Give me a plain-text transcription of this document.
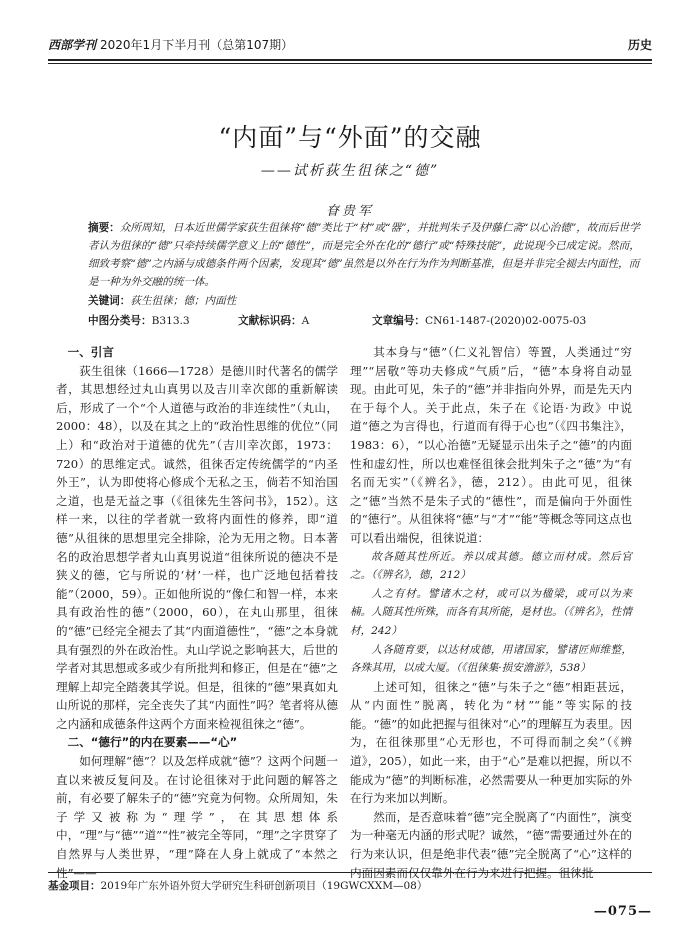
西部学刊 2020年1月下半月刊（总第107期）	历史
“内面”与“外面”的交融
——试析荻生徂徕之“德”
眘贵军
摘要：众所周知，日本近世儒学家荻生徂徕将“德”类比于“材”或“器”，并批判朱子及伊藤仁斋“以心治德”，故而后世学者认为徂徕的“德”只牵持续儒学意义上的“德性”，而是完全外在化的“德行”或“特殊技能”，此说现今已成定说。然而，细致考察“德”之内涵与成德条件两个因素，发现其“德”虽然是以外在行为作为判断基准，但是并非完全褪去内面性，而是一种为外交融的统一体。
关键词：荻生徂徕；德；内面性
中图分类号：B313.3	文献标识码：A	文章编号：CN61-1487-(2020)02-0075-03
一、引言

荻生徂徕（1666—1728）是德川时代著名的儒学者，其思想经过丸山真男以及吉川幸次郎的重新解读后，形成了一个“个人道德与政治的非连续性”（丸山，2000：48），以及在其之上的“政治性思维的优位”（同上）和“政治对于道德的优先”（吉川幸次郎，1973：720）的思维定式。诚然，徂徕否定传统儒学的“内圣外王”，认为即使将心修成个无私之玉，倘若不知治国之道，也是无益之事（《徂徕先生答问书》，152）。这样一来，以往的学者就一致将内面性的修养，即“道德”从徂徕的思想里完全排除，沦为无用之物。日本著名的政治思想学者丸山真男说道“徂徕所说的德决不是狭义的德，它与所说的‘材’一样，也广泛地包括着技能”（2000，59）。正如他所说的“像仁和智一样，本来具有政治性的德”（2000，60），在丸山那里，徂徕的“德”已经完全褪去了其“内面道德性”，“德”之本身就具有强烈的外在政治性。丸山学说之影响甚大，后世的学者对其思想或多或少有所批判和修正，但是在“德”之理解上却完全踏袭其学说。但是，徂徕的“德”果真如丸山所说的那样，完全丧失了其“内面性”吗？笔者将从德之内涵和成德条件这两个方面来检视徂徕之“德”。

二、“德行”的内在要素——“心”

如何理解“德”？以及怎样成就“德”？这两个问题一直以来被反复问及。在讨论徂徕对于此问题的解答之前，有必要了解朱子的“德”究竟为何物。众所周知，朱子学又被称为“理学”，在其思想体系中，“理”与“德”“道”“性”被完全等同，“理”之字贯穿了自然界与人类世界，“理”降在人身上就成了“本然之性”——

其本身与“德”（仁义礼智信）等置，人类通过“穷理”“居敬”等功夫修成“气质”后，“德”本身将自动显现。由此可见，朱子的“德”并非指向外界，而是先天内在于每个人。关于此点，朱子在《论语·为政》中说道“德之为言得也，行道而有得于心也”（《四书集注》，1983：6），“以心治德”无疑显示出朱子之“德”的内面性和虚幻性，所以也难怪徂徕会批判朱子之“德”为“有名而无实”（《辨名》，德，212）。由此可见，徂徕之“德”当然不是朱子式的“德性”，而是偏向于外面性的“德行”。从徂徕将“德”与“才”“能”等概念等同这点也可以看出端倪，徂徕说道：

故各随其性所近。养以成其德。德立而材成。然后官之。（《辨名》，德，212）

人之有材。譬诸木之材，或可以为楹梁，或可以为来楠。人随其性所殊，而各有其所能，是材也。（《辨名》，性情材，242）

人各随育要，以达材成德，用诸国家，譬诸匠师维整，各殊其用，以成大厦。（《徂徕集·损安澹游》，538）

上述可知，徂徕之“德”与朱子之“德”相距甚远，从“内面性”脱离，转化为“材”“能”等实际的技能。“德”的如此把握与徂徕对“心”的理解互为表里。因为，在徂徕那里“心无形也，不可得而制之矣”（《辨道》，205），如此一来，由于“心”是难以把握，所以不能成为“德”的判断标准，必然需要从一种更加实际的外在行为来加以判断。

然而，是否意味着“德”完全脱离了“内面性”，演变为一种毫无内涵的形式呢？诚然，“德”需要通过外在的行为来认识，但是绝非代表“德”完全脱离了“心”这样的内面因素而仅仅靠外在行为来进行把握。徂徕批

基金项目：2019年广东外语外贸大学研究生科研创新项目（19GWCXXM—08）
—075—
